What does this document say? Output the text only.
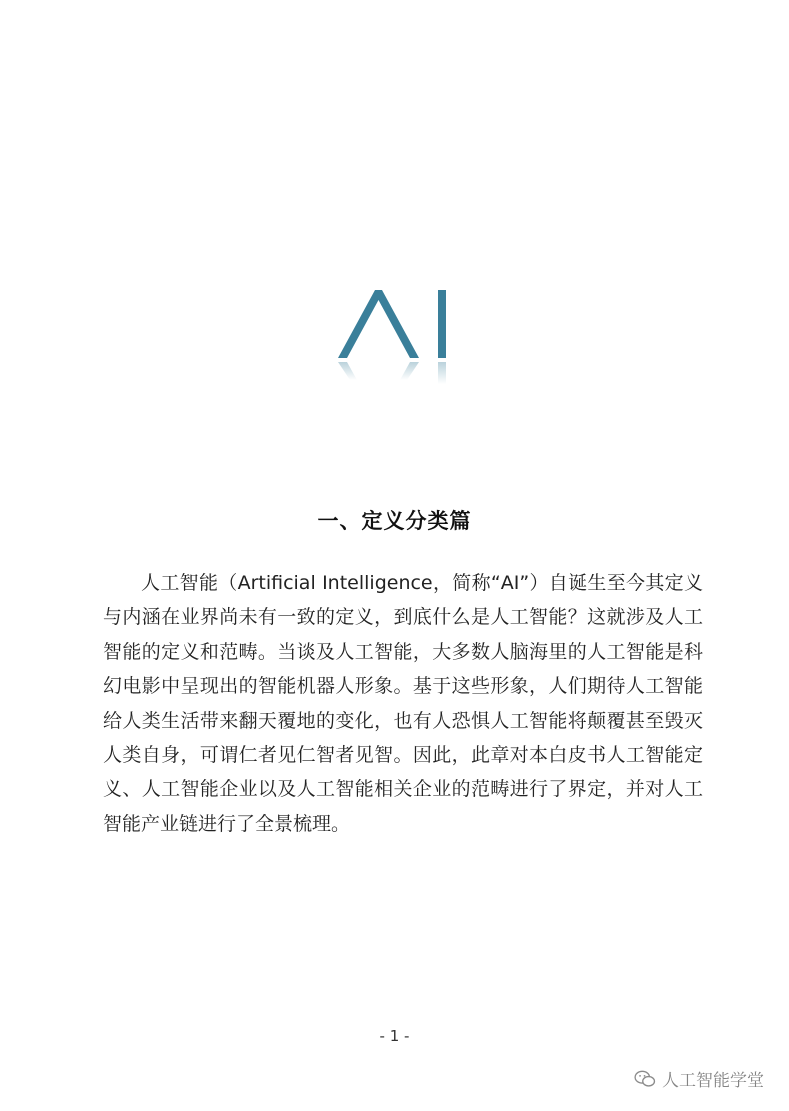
一、定义分类篇

人工智能（Artificial Intelligence，简称“AI”）自诞生至今其定义与内涵在业界尚未有一致的定义，到底什么是人工智能？这就涉及人工智能的定义和范畴。当谈及人工智能，大多数人脑海里的人工智能是科幻电影中呈现出的智能机器人形象。基于这些形象，人们期待人工智能给人类生活带来翻天覆地的变化，也有人恐惧人工智能将颠覆甚至毁灭人类自身，可谓仁者见仁智者见智。因此，此章对本白皮书人工智能定义、人工智能企业以及人工智能相关企业的范畴进行了界定，并对人工智能产业链进行了全景梳理。

- 1 -
人工智能学堂
